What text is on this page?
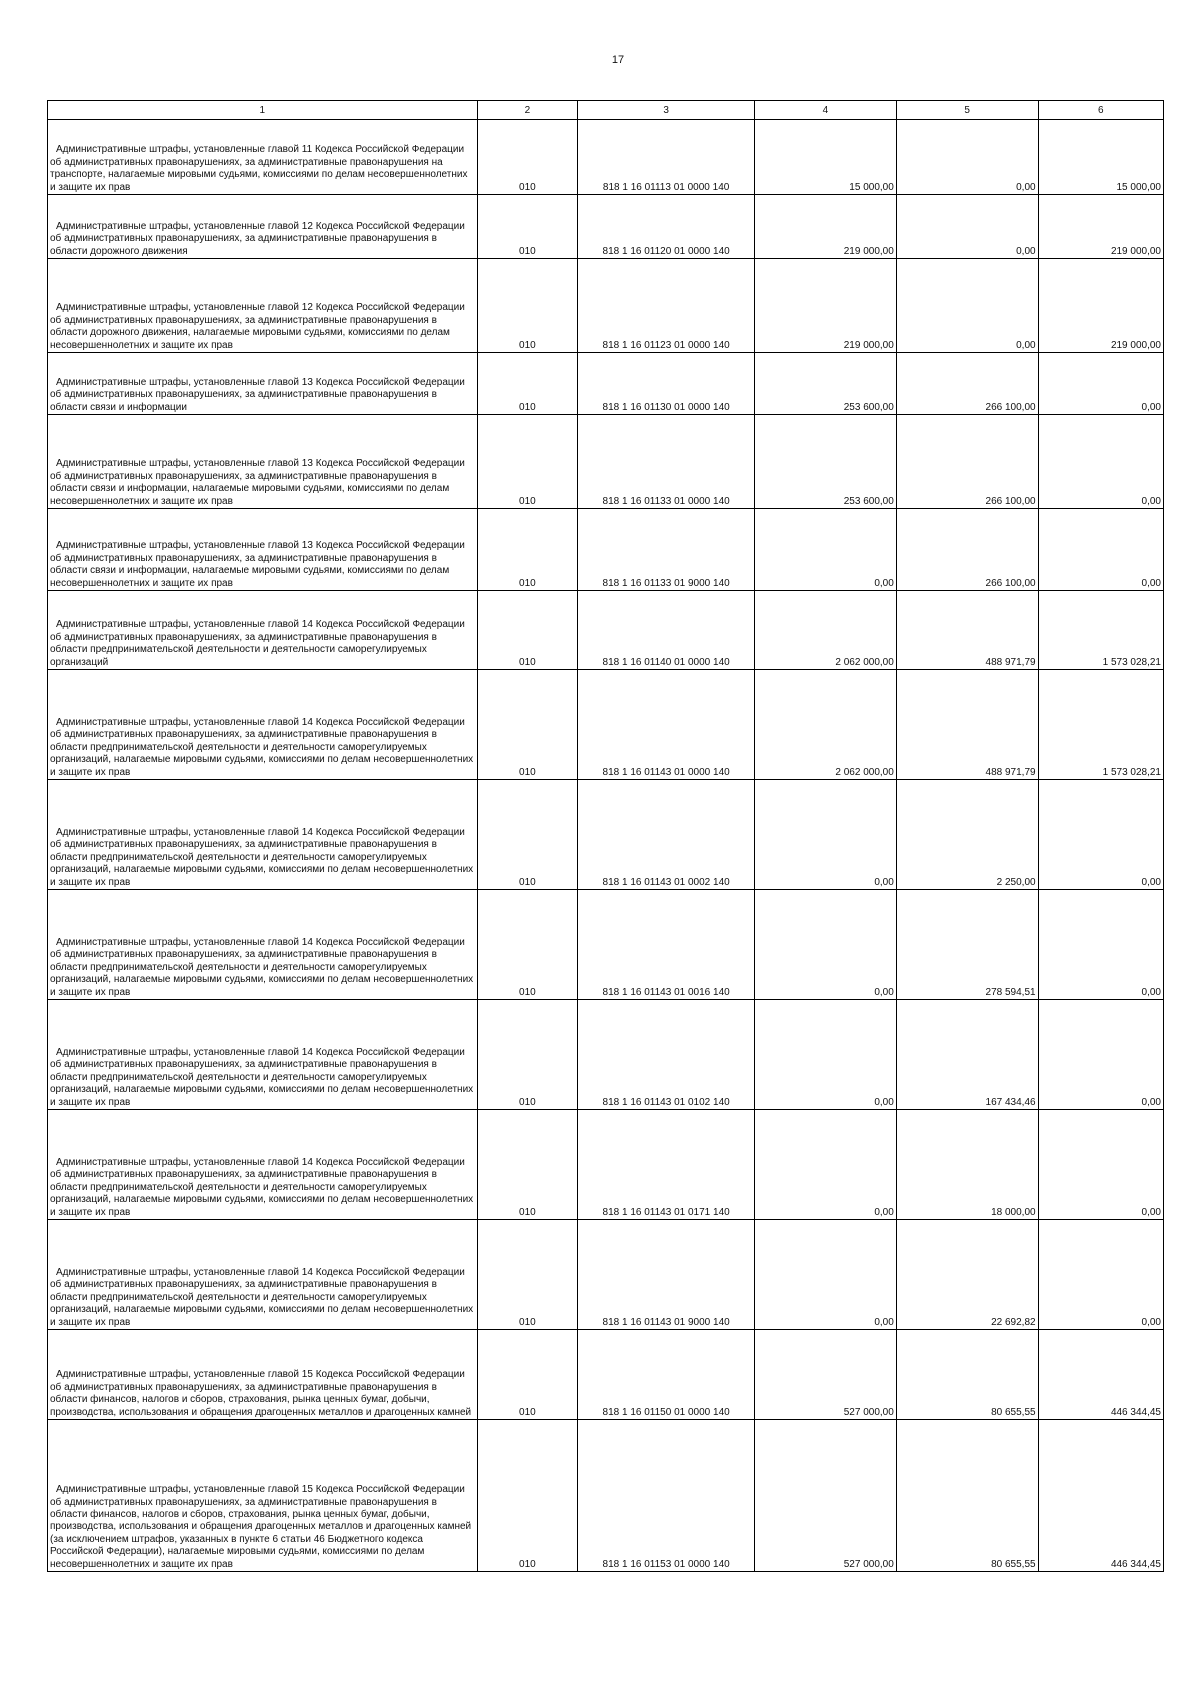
17
1	2	3	4	5	6

Административные штрафы, установленные главой 11 Кодекса Российской Федерации об административных правонарушениях, за административные правонарушения на транспорте, налагаемые мировыми судьями, комиссиями по делам несовершеннолетних и защите их прав	010	818 1 16 01113 01 0000 140	15 000,00	0,00	15 000,00

Административные штрафы, установленные главой 12 Кодекса Российской Федерации об административных правонарушениях, за административные правонарушения в области дорожного движения	010	818 1 16 01120 01 0000 140	219 000,00	0,00	219 000,00

Административные штрафы, установленные главой 12 Кодекса Российской Федерации об административных правонарушениях, за административные правонарушения в области дорожного движения, налагаемые мировыми судьями, комиссиями по делам несовершеннолетних и защите их прав	010	818 1 16 01123 01 0000 140	219 000,00	0,00	219 000,00

Административные штрафы, установленные главой 13 Кодекса Российской Федерации об административных правонарушениях, за административные правонарушения в области связи и информации	010	818 1 16 01130 01 0000 140	253 600,00	266 100,00	0,00

Административные штрафы, установленные главой 13 Кодекса Российской Федерации об административных правонарушениях, за административные правонарушения в области связи и информации, налагаемые мировыми судьями, комиссиями по делам несовершеннолетних и защите их прав	010	818 1 16 01133 01 0000 140	253 600,00	266 100,00	0,00

Административные штрафы, установленные главой 13 Кодекса Российской Федерации об административных правонарушениях, за административные правонарушения в области связи и информации, налагаемые мировыми судьями, комиссиями по делам несовершеннолетних и защите их прав	010	818 1 16 01133 01 9000 140	0,00	266 100,00	0,00

Административные штрафы, установленные главой 14 Кодекса Российской Федерации об административных правонарушениях, за административные правонарушения в области предпринимательской деятельности и деятельности саморегулируемых организаций	010	818 1 16 01140 01 0000 140	2 062 000,00	488 971,79	1 573 028,21

Административные штрафы, установленные главой 14 Кодекса Российской Федерации об административных правонарушениях, за административные правонарушения в области предпринимательской деятельности и деятельности саморегулируемых организаций, налагаемые мировыми судьями, комиссиями по делам несовершеннолетних и защите их прав	010	818 1 16 01143 01 0000 140	2 062 000,00	488 971,79	1 573 028,21

Административные штрафы, установленные главой 14 Кодекса Российской Федерации об административных правонарушениях, за административные правонарушения в области предпринимательской деятельности и деятельности саморегулируемых организаций, налагаемые мировыми судьями, комиссиями по делам несовершеннолетних и защите их прав	010	818 1 16 01143 01 0002 140	0,00	2 250,00	0,00

Административные штрафы, установленные главой 14 Кодекса Российской Федерации об административных правонарушениях, за административные правонарушения в области предпринимательской деятельности и деятельности саморегулируемых организаций, налагаемые мировыми судьями, комиссиями по делам несовершеннолетних и защите их прав	010	818 1 16 01143 01 0016 140	0,00	278 594,51	0,00

Административные штрафы, установленные главой 14 Кодекса Российской Федерации об административных правонарушениях, за административные правонарушения в области предпринимательской деятельности и деятельности саморегулируемых организаций, налагаемые мировыми судьями, комиссиями по делам несовершеннолетних и защите их прав	010	818 1 16 01143 01 0102 140	0,00	167 434,46	0,00

Административные штрафы, установленные главой 14 Кодекса Российской Федерации об административных правонарушениях, за административные правонарушения в области предпринимательской деятельности и деятельности саморегулируемых организаций, налагаемые мировыми судьями, комиссиями по делам несовершеннолетних и защите их прав	010	818 1 16 01143 01 0171 140	0,00	18 000,00	0,00

Административные штрафы, установленные главой 14 Кодекса Российской Федерации об административных правонарушениях, за административные правонарушения в области предпринимательской деятельности и деятельности саморегулируемых организаций, налагаемые мировыми судьями, комиссиями по делам несовершеннолетних и защите их прав	010	818 1 16 01143 01 9000 140	0,00	22 692,82	0,00

Административные штрафы, установленные главой 15 Кодекса Российской Федерации об административных правонарушениях, за административные правонарушения в области финансов, налогов и сборов, страхования, рынка ценных бумаг, добычи, производства, использования и обращения драгоценных металлов и драгоценных камней	010	818 1 16 01150 01 0000 140	527 000,00	80 655,55	446 344,45

Административные штрафы, установленные главой 15 Кодекса Российской Федерации об административных правонарушениях, за административные правонарушения в области финансов, налогов и сборов, страхования, рынка ценных бумаг, добычи, производства, использования и обращения драгоценных металлов и драгоценных камней (за исключением штрафов, указанных в пункте 6 статьи 46 Бюджетного кодекса Российской Федерации), налагаемые мировыми судьями, комиссиями по делам несовершеннолетних и защите их прав	010	818 1 16 01153 01 0000 140	527 000,00	80 655,55	446 344,45
